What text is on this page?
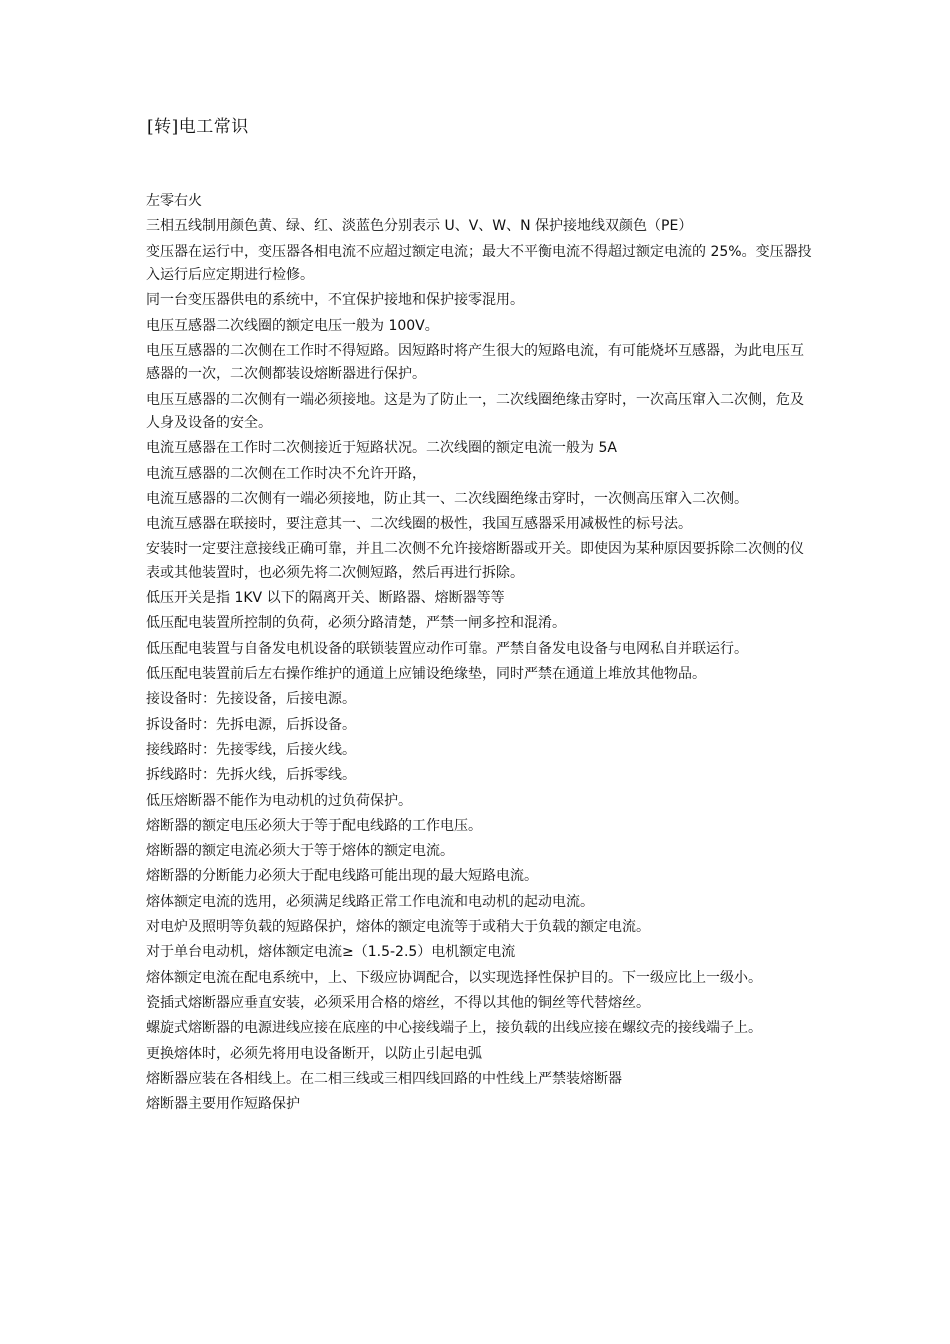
[转]电工常识
左零右火
三相五线制用颜色黄、绿、红、淡蓝色分别表示 U、V、W、N 保护接地线双颜色（PE）
变压器在运行中，变压器各相电流不应超过额定电流；最大不平衡电流不得超过额定电流的 25%。变压器投入运行后应定期进行检修。
同一台变压器供电的系统中，不宜保护接地和保护接零混用。
电压互感器二次线圈的额定电压一般为 100V。
电压互感器的二次侧在工作时不得短路。因短路时将产生很大的短路电流，有可能烧坏互感器，为此电压互感器的一次，二次侧都装设熔断器进行保护。
电压互感器的二次侧有一端必须接地。这是为了防止一，二次线圈绝缘击穿时，一次高压窜入二次侧，危及人身及设备的安全。
电流互感器在工作时二次侧接近于短路状况。二次线圈的额定电流一般为 5A
电流互感器的二次侧在工作时决不允许开路，
电流互感器的二次侧有一端必须接地，防止其一、二次线圈绝缘击穿时，一次侧高压窜入二次侧。
电流互感器在联接时，要注意其一、二次线圈的极性，我国互感器采用减极性的标号法。
安装时一定要注意接线正确可靠，并且二次侧不允许接熔断器或开关。即使因为某种原因要拆除二次侧的仪表或其他装置时，也必须先将二次侧短路，然后再进行拆除。
低压开关是指 1KV 以下的隔离开关、断路器、熔断器等等
低压配电装置所控制的负荷，必须分路清楚，严禁一闸多控和混淆。
低压配电装置与自备发电机设备的联锁装置应动作可靠。严禁自备发电设备与电网私自并联运行。
低压配电装置前后左右操作维护的通道上应铺设绝缘垫，同时严禁在通道上堆放其他物品。
接设备时：先接设备，后接电源。
拆设备时：先拆电源，后拆设备。
接线路时：先接零线，后接火线。
拆线路时：先拆火线，后拆零线。
低压熔断器不能作为电动机的过负荷保护。
熔断器的额定电压必须大于等于配电线路的工作电压。
熔断器的额定电流必须大于等于熔体的额定电流。
熔断器的分断能力必须大于配电线路可能出现的最大短路电流。
熔体额定电流的选用，必须满足线路正常工作电流和电动机的起动电流。
对电炉及照明等负载的短路保护，熔体的额定电流等于或稍大于负载的额定电流。
对于单台电动机，熔体额定电流≥（1.5-2.5）电机额定电流
熔体额定电流在配电系统中，上、下级应协调配合，以实现选择性保护目的。下一级应比上一级小。
瓷插式熔断器应垂直安装，必须采用合格的熔丝，不得以其他的铜丝等代替熔丝。
螺旋式熔断器的电源进线应接在底座的中心接线端子上，接负载的出线应接在螺纹壳的接线端子上。
更换熔体时，必须先将用电设备断开，以防止引起电弧
熔断器应装在各相线上。在二相三线或三相四线回路的中性线上严禁装熔断器
熔断器主要用作短路保护
